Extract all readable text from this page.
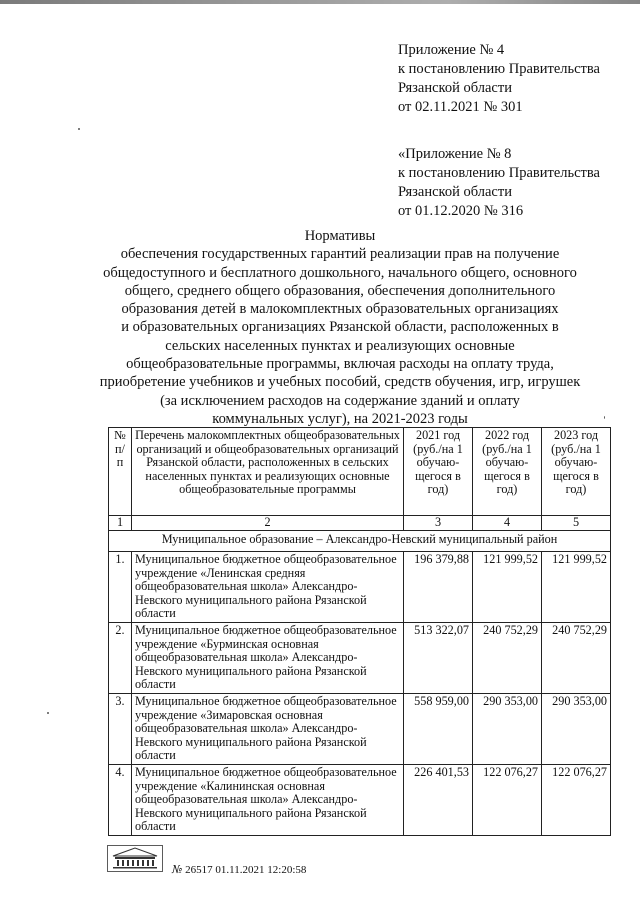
Приложение № 4
к постановлению Правительства
Рязанской области
от 02.11.2021 № 301
«Приложение № 8
к постановлению Правительства
Рязанской области
от 01.12.2020 № 316
Нормативы
обеспечения государственных гарантий реализации прав на получение
общедоступного и бесплатного дошкольного, начального общего, основного
общего, среднего общего образования, обеспечения дополнительного
образования детей в малокомплектных образовательных организациях
и образовательных организациях Рязанской области, расположенных в
сельских населенных пунктах и реализующих основные
общеобразовательные программы, включая расходы на оплату труда,
приобретение учебников и учебных пособий, средств обучения, игр, игрушек
(за исключением расходов на содержание зданий и оплату
коммунальных услуг), на 2021-2023 годы
№ п/п	Перечень малокомплектных общеобразовательных организаций и общеобразовательных организаций Рязанской области, расположенных в сельских населенных пунктах и реализующих основные общеобразовательные программы	2021 год (руб./на 1 обучаю-щегося в год)	2022 год (руб./на 1 обучаю-щегося в год)	2023 год (руб./на 1 обучаю-щегося в год)
1	2	3	4	5
Муниципальное образование – Александро-Невский муниципальный район				
1.	Муниципальное бюджетное общеобразовательное учреждение «Ленинская средняя общеобразовательная школа» Александро-Невского муниципального района Рязанской области	196 379,88	121 999,52	121 999,52
2.	Муниципальное бюджетное общеобразовательное учреждение «Бурминская основная общеобразовательная школа» Александро-Невского муниципального района Рязанской области	513 322,07	240 752,29	240 752,29
3.	Муниципальное бюджетное общеобразовательное учреждение «Зимаровская основная общеобразовательная школа» Александро-Невского муниципального района Рязанской области	558 959,00	290 353,00	290 353,00
4.	Муниципальное бюджетное общеобразовательное учреждение «Калининская основная общеобразовательная школа» Александро-Невского муниципального района Рязанской области	226 401,53	122 076,27	122 076,27
№ 26517 01.11.2021 12:20:58
